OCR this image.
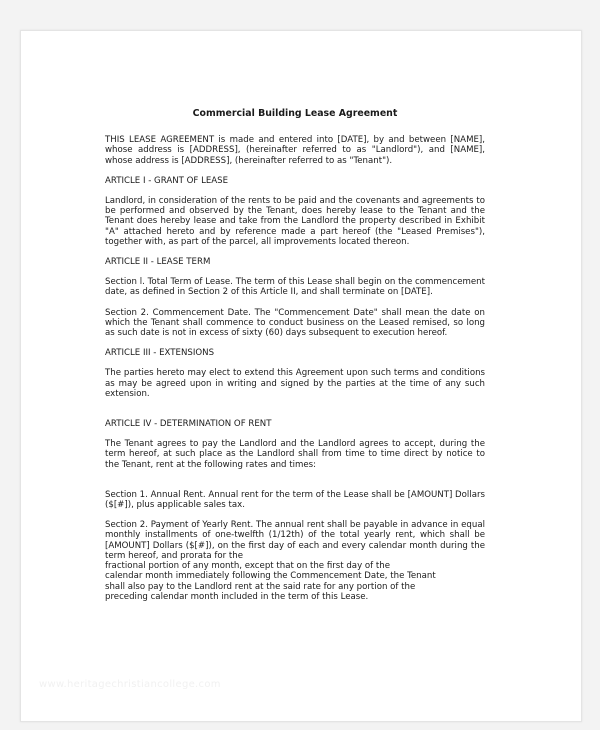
Commercial Building Lease Agreement

THIS LEASE AGREEMENT is made and entered into [DATE], by and between [NAME], whose address is [ADDRESS], (hereinafter referred to as "Landlord"), and [NAME], whose address is [ADDRESS], (hereinafter referred to as "Tenant").

ARTICLE I - GRANT OF LEASE

Landlord, in consideration of the rents to be paid and the covenants and agreements to be performed and observed by the Tenant, does hereby lease to the Tenant and the Tenant does hereby lease and take from the Landlord the property described in Exhibit "A" attached hereto and by reference made a part hereof (the "Leased Premises"), together with, as part of the parcel, all improvements located thereon.

ARTICLE II - LEASE TERM

Section l. Total Term of Lease. The term of this Lease shall begin on the commencement date, as defined in Section 2 of this Article II, and shall terminate on [DATE].

Section 2. Commencement Date. The "Commencement Date" shall mean the date on which the Tenant shall commence to conduct business on the Leased remised, so long as such date is not in excess of sixty (60) days subsequent to execution hereof.

ARTICLE III - EXTENSIONS

The parties hereto may elect to extend this Agreement upon such terms and conditions as may be agreed upon in writing and signed by the parties at the time of any such extension.

ARTICLE IV - DETERMINATION OF RENT

The Tenant agrees to pay the Landlord and the Landlord agrees to accept, during the term hereof, at such place as the Landlord shall from time to time direct by notice to the Tenant, rent at the following rates and times:

Section 1. Annual Rent. Annual rent for the term of the Lease shall be [AMOUNT] Dollars ($[#]), plus applicable sales tax.

Section 2. Payment of Yearly Rent. The annual rent shall be payable in advance in equal monthly installments of one-twelfth (1/12th) of the total yearly rent, which shall be [AMOUNT] Dollars ($[#]), on the first day of each and every calendar month during the term hereof, and prorata for the
fractional portion of any month, except that on the first day of the
calendar month immediately following the Commencement Date, the Tenant
shall also pay to the Landlord rent at the said rate for any portion of the
preceding calendar month included in the term of this Lease.

www.heritagechristiancollege.com
